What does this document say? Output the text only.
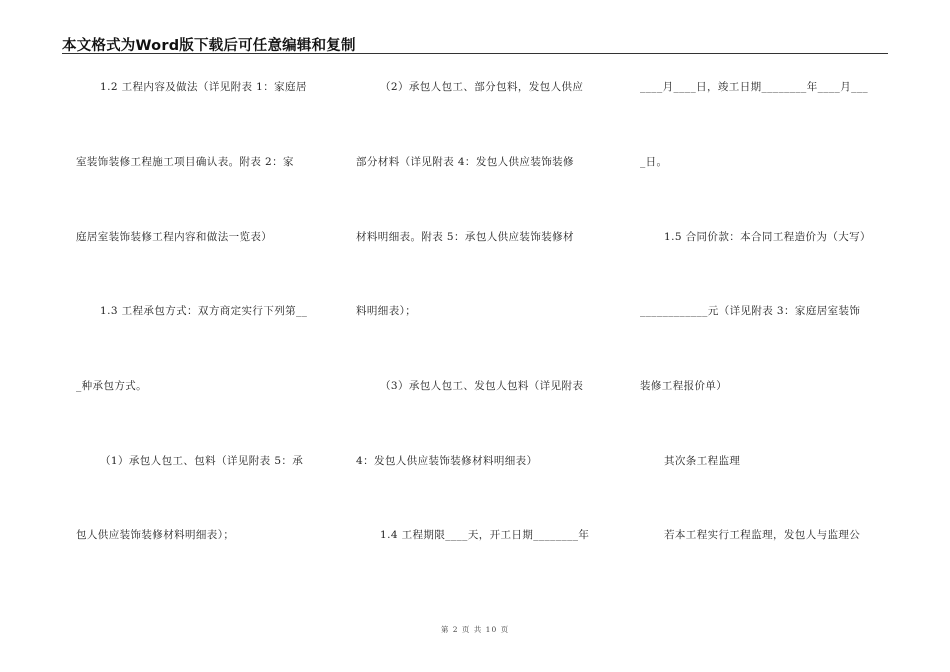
本文格式为Word版下载后可任意编辑和复制
1.2 工程内容及做法（详见附表 1：家庭居
室装饰装修工程施工项目确认表。附表 2：家
庭居室装饰装修工程内容和做法一览表）
1.3 工程承包方式：双方商定实行下列第__
_种承包方式。
（1）承包人包工、包料（详见附表 5：承
包人供应装饰装修材料明细表）；
（2）承包人包工、部分包料，发包人供应
部分材料（详见附表 4：发包人供应装饰装修
材料明细表。附表 5：承包人供应装饰装修材
料明细表）；
（3）承包人包工、发包人包料（详见附表
4：发包人供应装饰装修材料明细表）
1.4 工程期限____天，开工日期________年
____月____日，竣工日期________年____月___
_日。
1.5 合同价款：本合同工程造价为（大写）
____________元（详见附表 3：家庭居室装饰
装修工程报价单）
其次条工程监理
若本工程实行工程监理，发包人与监理公
第 2 页 共 10 页
